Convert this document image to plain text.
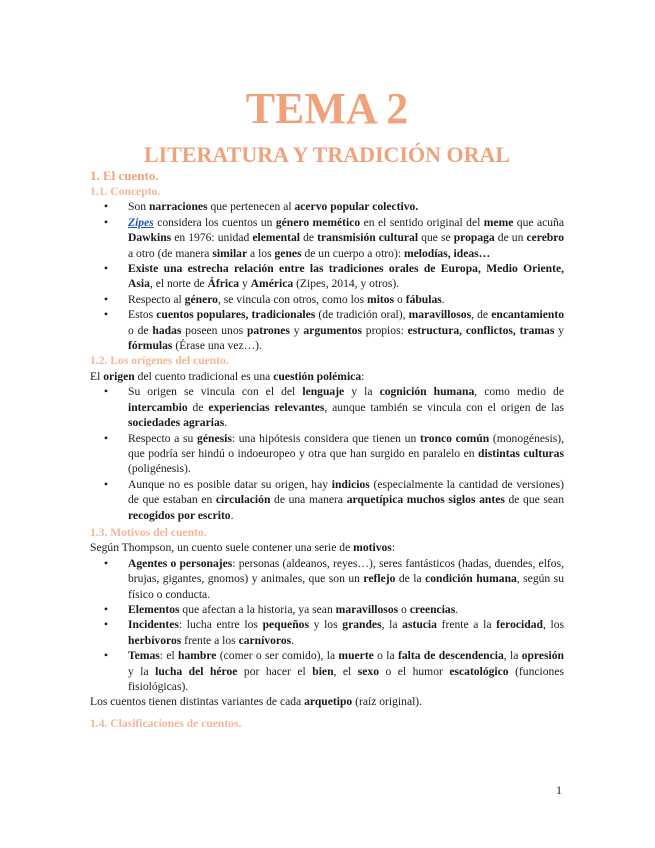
TEMA 2
LITERATURA Y TRADICIÓN ORAL

1. El cuento.

1.1. Concepto.

• Son narraciones que pertenecen al acervo popular colectivo.
• Zipes considera los cuentos un género memético en el sentido original del meme que acuña Dawkins en 1976: unidad elemental de transmisión cultural que se propaga de un cerebro a otro (de manera similar a los genes de un cuerpo a otro): melodías, ideas…
• Existe una estrecha relación entre las tradiciones orales de Europa, Medio Oriente, Asia, el norte de África y América (Zipes, 2014, y otros).
• Respecto al género, se vincula con otros, como los mitos o fábulas.
• Estos cuentos populares, tradicionales (de tradición oral), maravillosos, de encantamiento o de hadas poseen unos patrones y argumentos propios: estructura, conflictos, tramas y fórmulas (Érase una vez…).

1.2. Los orígenes del cuento.

El origen del cuento tradicional es una cuestión polémica:

• Su origen se vincula con el del lenguaje y la cognición humana, como medio de intercambio de experiencias relevantes, aunque también se vincula con el origen de las sociedades agrarias.
• Respecto a su génesis: una hipótesis considera que tienen un tronco común (monogénesis), que podría ser hindú o indoeuropeo y otra que han surgido en paralelo en distintas culturas (poligénesis).
• Aunque no es posible datar su origen, hay indicios (especialmente la cantidad de versiones) de que estaban en circulación de una manera arquetípica muchos siglos antes de que sean recogidos por escrito.

1.3. Motivos del cuento.

Según Thompson, un cuento suele contener una serie de motivos:

• Agentes o personajes: personas (aldeanos, reyes…), seres fantásticos (hadas, duendes, elfos, brujas, gigantes, gnomos) y animales, que son un reflejo de la condición humana, según su físico o conducta.
• Elementos que afectan a la historia, ya sean maravillosos o creencias.
• Incidentes: lucha entre los pequeños y los grandes, la astucia frente a la ferocidad, los herbívoros frente a los carnívoros.
• Temas: el hambre (comer o ser comido), la muerte o la falta de descendencia, la opresión y la lucha del héroe por hacer el bien, el sexo o el humor escatológico (funciones fisiológicas).

Los cuentos tienen distintas variantes de cada arquetipo (raíz original).

1.4. Clasificaciones de cuentos.

1
